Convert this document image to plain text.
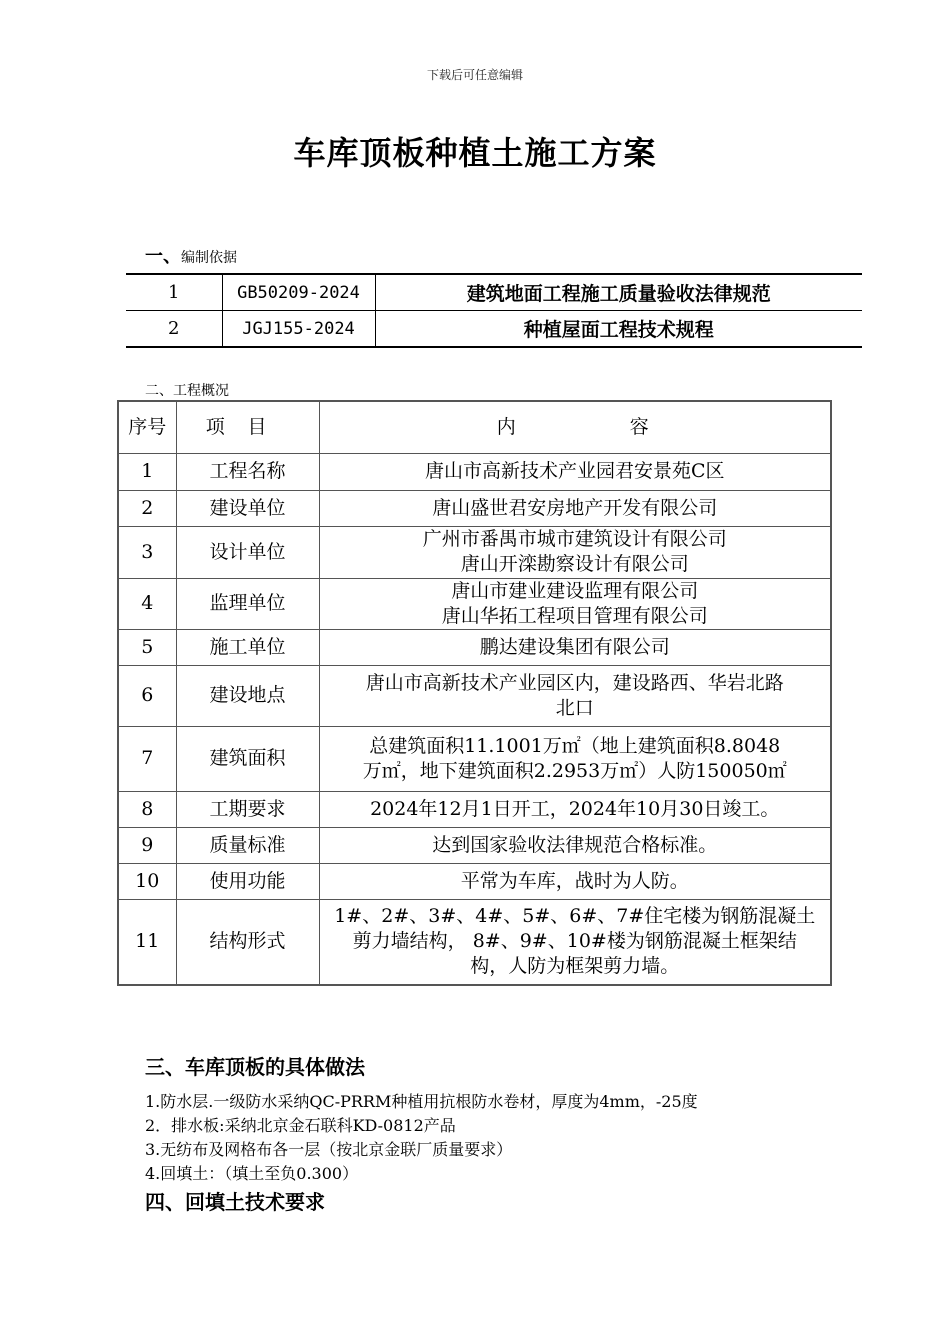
下载后可任意编辑
车库顶板种植土施工方案
一、编制依据
1	GB50209-2024	建筑地面工程施工质量验收法律规范
2	JGJ155-2024	种植屋面工程技术规程
二、工程概况
序号	项目	内容
1	工程名称	唐山市高新技术产业园君安景苑C区

2	建设单位	唐山盛世君安房地产开发有限公司

3	设计单位	广州市番禺市城市建筑设计有限公司
唐山开滦勘察设计有限公司

4	监理单位	唐山市建业建设监理有限公司
唐山华拓工程项目管理有限公司

5	施工单位	鹏达建设集团有限公司

6	建设地点	唐山市高新技术产业园区内，建设路西、华岩北路
北口

7	建筑面积	总建筑面积11.1001万㎡（地上建筑面积8.8048
万㎡，地下建筑面积2.2953万㎡）人防150050㎡

8	工期要求	2024年12月1日开工，2024年10月30日竣工。

9	质量标准	达到国家验收法律规范合格标准。

10	使用功能	平常为车库，战时为人防。

11	结构形式	1#、2#、3#、4#、5#、6#、7#住宅楼为钢筋混凝土
剪力墙结构， 8#、9#、10#楼为钢筋混凝土框架结
构，人防为框架剪力墙。
三、车库顶板的具体做法
1.防水层.一级防水采纳QC-PRRM种植用抗根防水卷材，厚度为4mm，-25度
2．排水板:采纳北京金石联科KD-0812产品
3.无纺布及网格布各一层（按北京金联厂质量要求）
4.回填土：（填土至负0.300）
四、回填土技术要求
